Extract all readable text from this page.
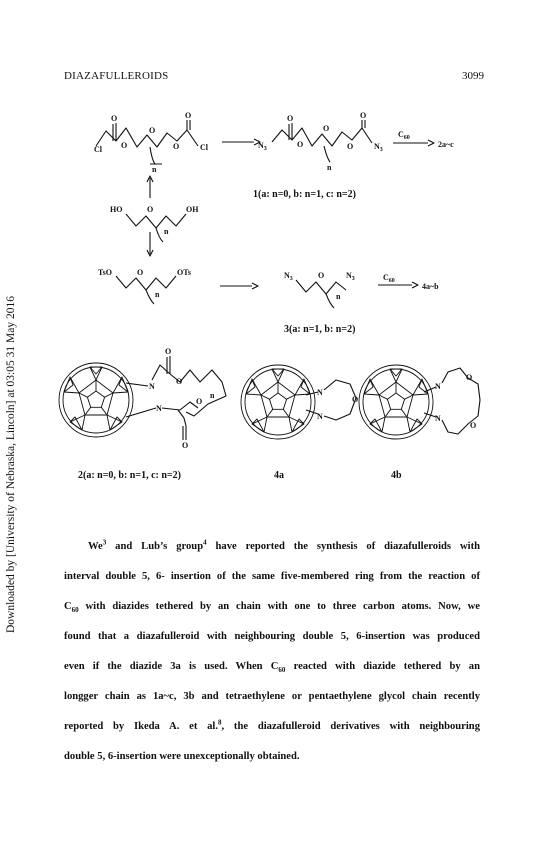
DIAZAFULLEROIDS	3099
Downloaded by [University of Nebraska, Lincoln] at 03:05 31 May 2016
Cl
O
O
O
O
O
Cl
n
$N_3$
O
O
O
O
O
$N_3$
n
$C_{60}$
2a~c
1(a: n=0, b: n=1, c: n=2)
HO	O	OH
n
TsO	O	OTs
n
$N_3$	O	$N_3$
n
$C_{60}$
4a~b
3(a: n=1, b: n=2)
N
N
O
O
O
O
n
2(a: n=0, b: n=1, c: n=2)
N
N
O
4a
N
N
O
O
4b
We$^3$ and Lub’s group$^4$ have reported the synthesis of diazafulleroids with
interval double 5, 6- insertion of the same five-membered ring from the reaction of
$C_{60}$ with diazides tethered by an chain with one to three carbon atoms. Now, we
found that a diazafulleroid with neighbouring double 5, 6-insertion was produced
even if the diazide 3a is used. When $C_{60}$ reacted with diazide tethered by an
longger chain as 1a~c, 3b and tetraethylene or pentaethylene glycol chain recently
reported by Ikeda A. et al.$^8$, the diazafulleroid derivatives with neighbouring
double 5, 6-insertion were unexceptionally obtained.
